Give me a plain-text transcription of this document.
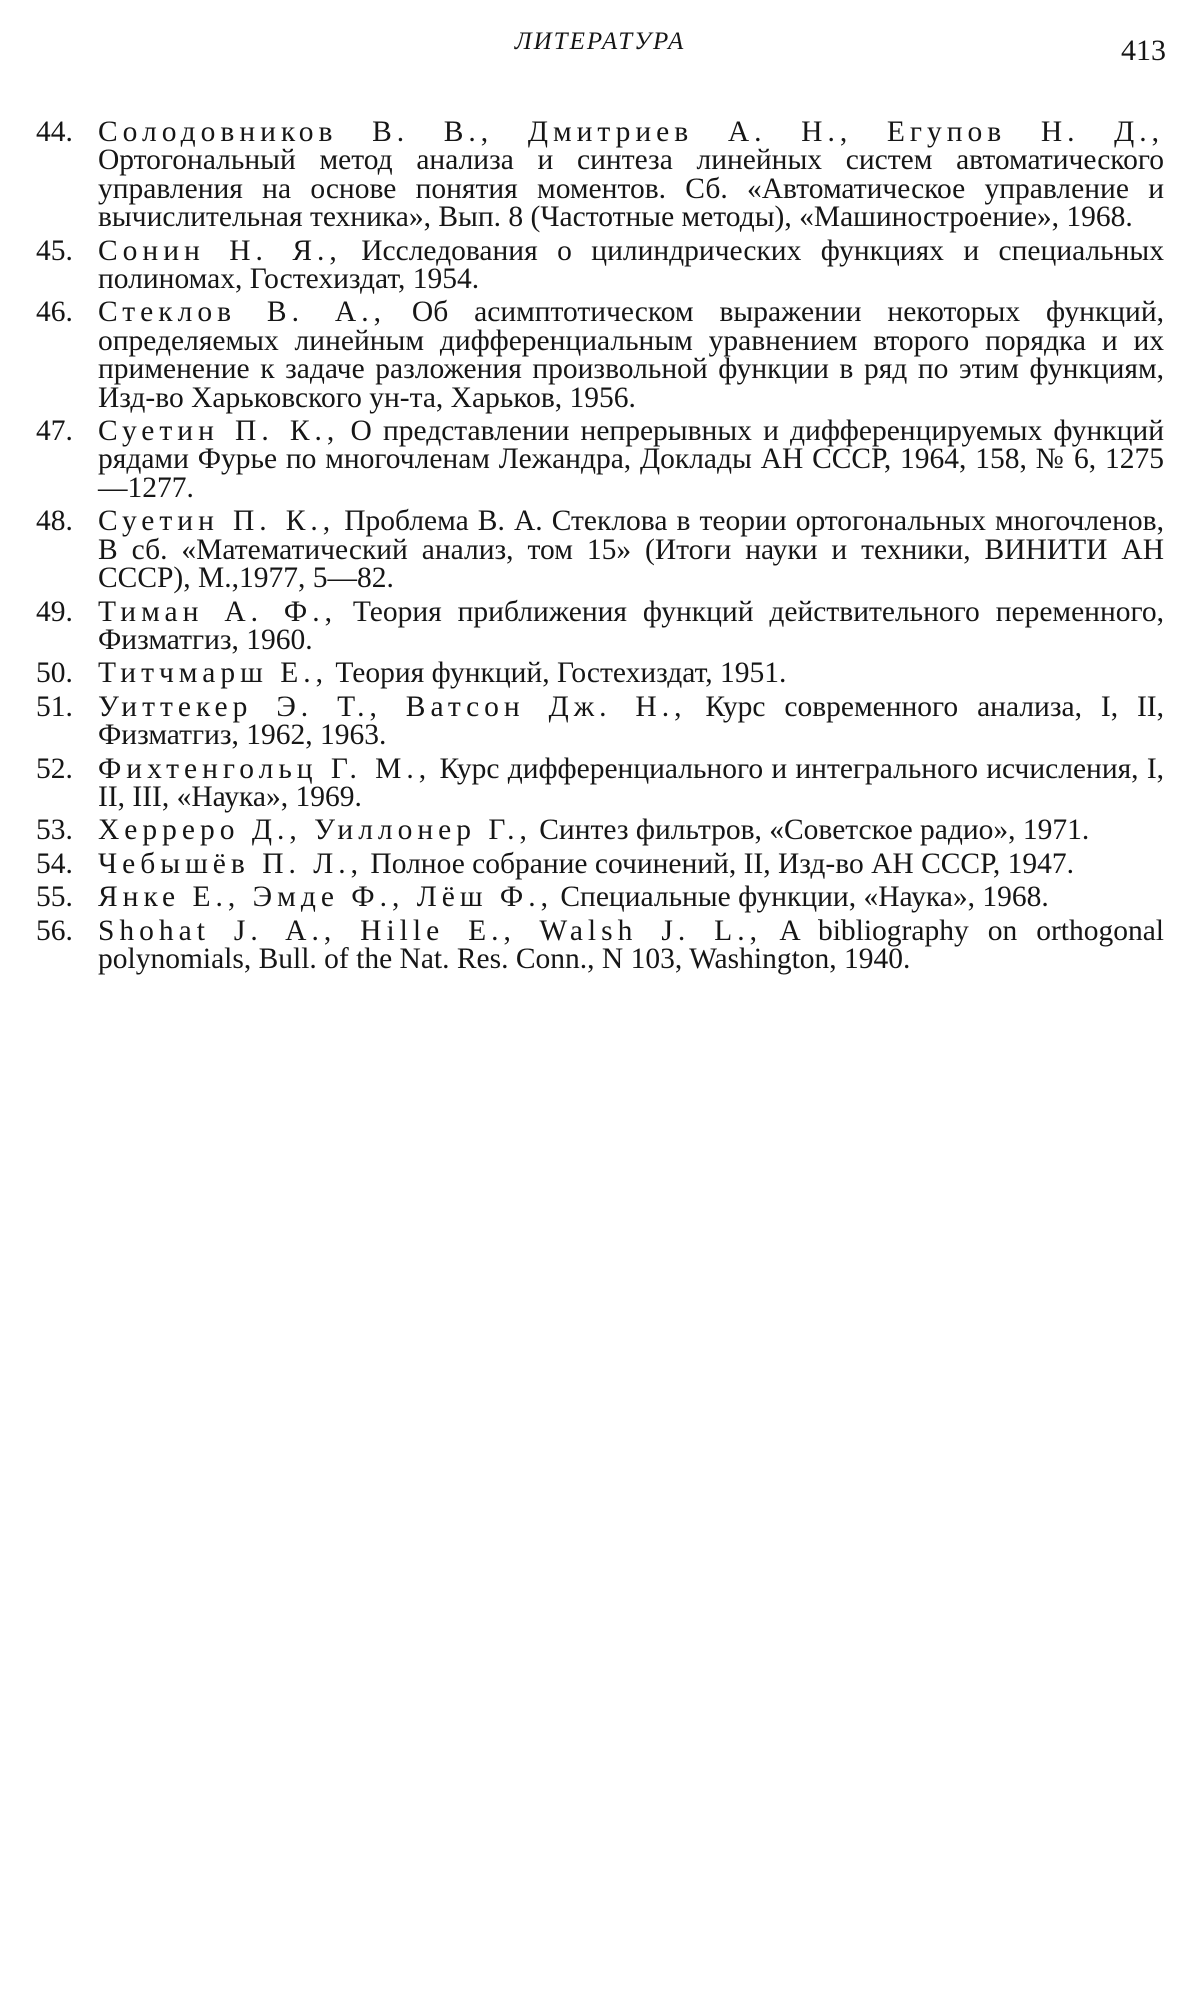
ЛИТЕРАТУРА	413
44. Солодовников В. В., Дмитриев А. Н., Егупов Н. Д., Ортогональный метод анализа и синтеза линейных систем автоматического управления на основе понятия моментов. Сб. «Автоматическое управление и вычислительная техника», Вып. 8 (Частотные методы), «Машиностроение», 1968.
45. Сонин Н. Я., Исследования о цилиндрических функциях и специальных полиномах, Гостехиздат, 1954.
46. Стеклов В. А., Об асимптотическом выражении некоторых функций, определяемых линейным дифференциальным уравнением второго порядка и их применение к задаче разложения произвольной функции в ряд по этим функциям, Изд-во Харьковского ун-та, Харьков, 1956.
47. Суетин П. К., О представлении непрерывных и дифференцируемых функций рядами Фурье по многочленам Лежандра, Доклады АН СССР, 1964, 158, № 6, 1275 —1277.
48. Суетин П. К., Проблема В. А. Стеклова в теории ортогональных многочленов, В сб. «Математический анализ, том 15» (Итоги науки и техники, ВИНИТИ АН СССР), М.,1977, 5—82.
49. Тиман А. Ф., Теория приближения функций действительного переменного, Физматгиз, 1960.
50. Титчмарш Е., Теория функций, Гостехиздат, 1951.
51. Уиттекер Э. Т., Ватсон Дж. Н., Курс современного анализа, I, II, Физматгиз, 1962, 1963.
52. Фихтенгольц Г. М., Курс дифференциального и интегрального исчисления, I, II, III, «Наука», 1969.
53. Херреро Д., Уиллонер Г., Синтез фильтров, «Советское радио», 1971.
54. Чебышёв П. Л., Полное собрание сочинений, II, Изд-во АН СССР, 1947.
55. Янке Е., Эмде Ф., Лёш Ф., Специальные функции, «Наука», 1968.
56. Shohat J. A., Hille E., Walsh J. L., A bibliography on orthogonal polynomials, Bull. of the Nat. Res. Conn., N 103, Washington, 1940.
